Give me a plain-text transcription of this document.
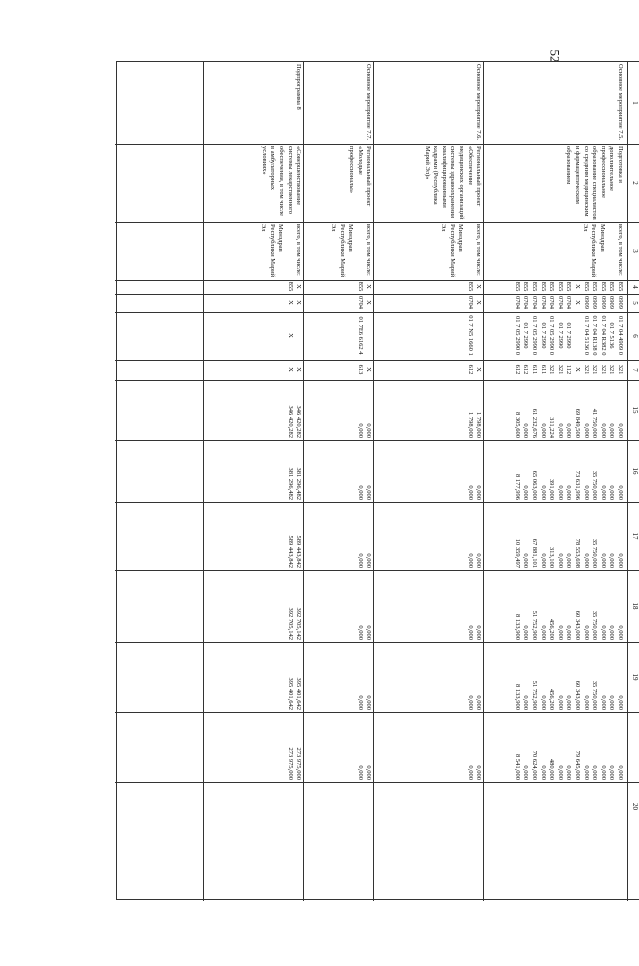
52
1
2
3
4
5
6
7
15
16
17
18
19
20
Основное мероприятие 7.5.
Подготовка и дополнительное профессиональное образование специалистов со средним медицинским и фармацевтическим образованием
всего, в том числе:
Минздрав Республики Марий Эл
855
0909
01 7 04 4909 0
321
0,000
0,000
0,000
0,000
0,000
0,000
855
0909
01 7 5136
321
0,000
0,000
0,000
0,000
0,000
0,000
855
0909
01 7 04 R382 0
321
0,000
0,000
0,000
0,000
0,000
0,000
855
0909
01 7 04 R138 0
321
41 750,000
35 750,000
35 750,000
35 750,000
35 750,000
0,000
855
0909
01 7 04 5136 0
321
0,000
0,000
0,000
0,000
0,000
0,000
X
X
X
69 849,500
73 631,996
78 553,698
60 343,000
60 343,000
79 645,000
855
0704
01 7 2990
112
0,000
0,000
0,000
0,000
0,000
0,000
855
0704
01 7 2990
321
0,000
0,000
0,000
0,000
0,000
0,000
855
0704
01 7 05 2990 0
321
311,224
391,000
313,100
456,200
456,200
480,000
855
0704
01 7 2990
611
0,000
0,000
0,000
0,000
0,000
0,000
855
0704
01 7 05 2990 0
611
61 232,676
65 063,000
67 881,101
51 752,900
51 752,900
70 624,000
855
0704
01 7 2990
612
0,000
0,000
0,000
0,000
0,000
0,000
855
0704
01 7 05 2990 0
612
8 305,600
8 177,996
10 359,497
8 133,900
8 133,900
8 541,000
Основное мероприятие 7.6.
Региональный проект «Обеспечение медицинских организаций системы здравоохранения квалифицированными кадрами (Республика Марий Эл)»
всего, в том числе:
Минздрав Республики Марий Эл
X
X
X
1 798,000
0,000
0,000
0,000
0,000
0,000
855
0704
01 7 N5 1660 1
612
1 798,000
0,000
0,000
0,000
0,000
0,000
Основное мероприятие 7.7.
Региональный проект «Молодые профессионалы»
всего, в том числе:
Минздрав Республики Марий Эл
X
X
X
0,000
0,000
0,000
0,000
0,000
0,000
855
0704
01 7E6 6162 4
613
0,000
0,000
0,000
0,000
0,000
0,000
Подпрограмма 8
«Совершенствование системы лекарственного обеспечения, в том числе в амбулаторных условиях»
всего, в том числе:
Минздрав Республики Марий Эл
X
X
X
346 420,282
381 296,482
589 443,842
392 705,142
395 401,642
273 975,000
855
X
X
X
346 420,282
381 296,482
589 443,842
392 705,142
395 401,642
273 975,000
